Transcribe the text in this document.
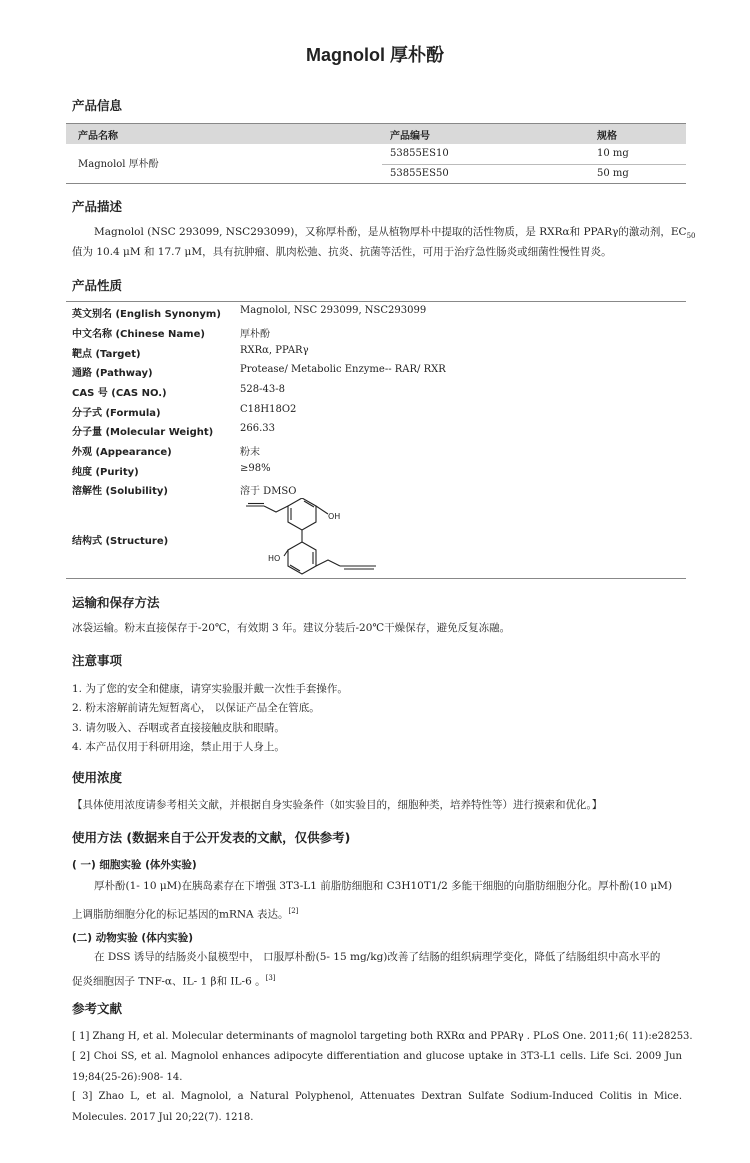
Magnolol 厚朴酚
产品信息
产品名称	产品编号	规格
Magnolol 厚朴酚
53855ES10	10 mg
53855ES50	50 mg
产品描述
Magnolol (NSC 293099, NSC293099)，又称厚朴酚，是从植物厚朴中提取的活性物质，是 RXRα和 PPARγ的激动剂，$EC_{50}$
值为 10.4 μM 和 17.7 μM，具有抗肿瘤、肌肉松弛、抗炎、抗菌等活性，可用于治疗急性肠炎或细菌性慢性胃炎。
产品性质
英文别名 (English Synonym) Magnolol, NSC 293099, NSC293099
中文名称 (Chinese Name)	厚朴酚
靶点 (Target)	RXRα, PPARγ
通路 (Pathway)	Protease/ Metabolic Enzyme-- RAR/ RXR
CAS 号 (CAS NO.)	528-43-8
分子式 (Formula)	C18H18O2
分子量 (Molecular Weight)	266.33
外观 (Appearance)	粉末
纯度 (Purity)	≥98%
溶解性 (Solubility)	溶于 DMSO
结构式 (Structure)
OH
HO
运输和保存方法
冰袋运输。粉末直接保存于-20℃，有效期 3 年。建议分装后-20℃干燥保存，避免反复冻融。
注意事项
1. 为了您的安全和健康，请穿实验服并戴一次性手套操作。
2. 粉末溶解前请先短暂离心， 以保证产品全在管底。
3. 请勿吸入、吞咽或者直接接触皮肤和眼睛。
4. 本产品仅用于科研用途，禁止用于人身上。
使用浓度
【具体使用浓度请参考相关文献，并根据自身实验条件（如实验目的，细胞种类，培养特性等）进行摸索和优化。】
使用方法 (数据来自于公开发表的文献，仅供参考)
( 一) 细胞实验 (体外实验)
厚朴酚(1- 10 μM)在胰岛素存在下增强 3T3-L1 前脂肪细胞和 C3H10T1/2 多能干细胞的向脂肪细胞分化。厚朴酚(10 μM)
上调脂肪细胞分化的标记基因的mRNA 表达。[2]
(二) 动物实验 (体内实验)
在 DSS 诱导的结肠炎小鼠模型中， 口服厚朴酚(5- 15 mg/kg)改善了结肠的组织病理学变化，降低了结肠组织中高水平的
促炎细胞因子 TNF-α、IL- 1 β和 IL-6 。[3]
参考文献
[ 1] Zhang H, et al. Molecular determinants of magnolol targeting both RXRα and PPARγ . PLoS One. 2011;6( 11):e28253.
[ 2] Choi SS, et al. Magnolol enhances adipocyte differentiation and glucose uptake in 3T3-L1 cells. Life Sci. 2009 Jun 19;84(25-26):908- 14.
[ 3] Zhao L, et al. Magnolol, a Natural Polyphenol, Attenuates Dextran Sulfate Sodium-Induced Colitis in Mice. Molecules. 2017 Jul 20;22(7). 1218.
